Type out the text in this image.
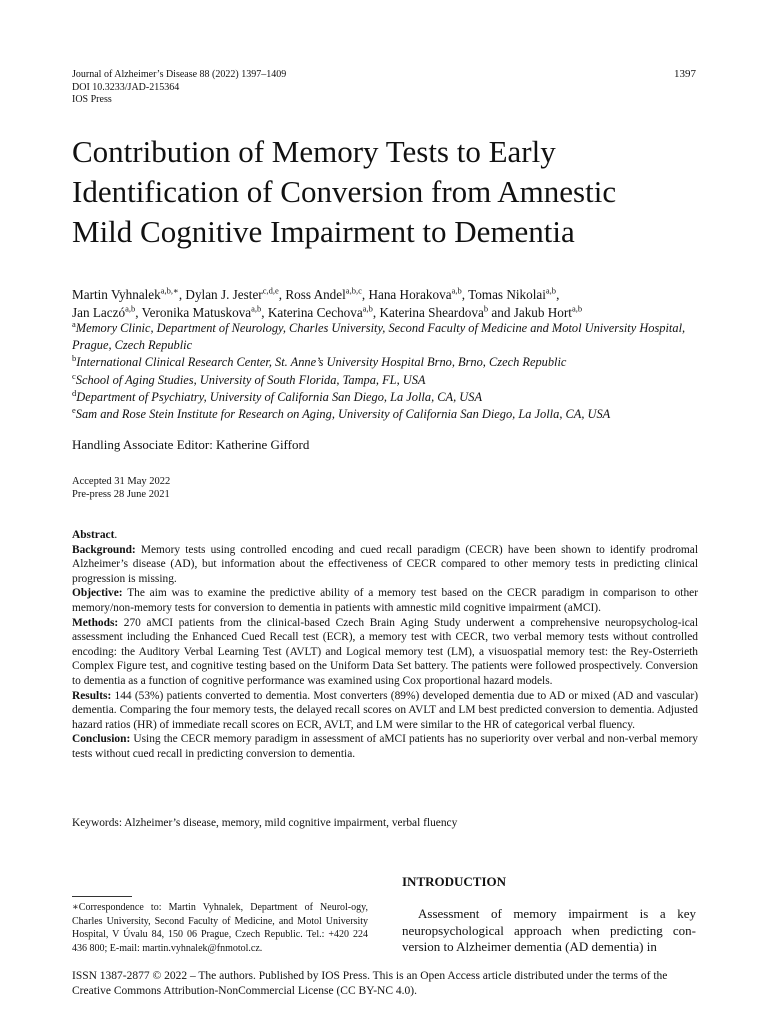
Journal of Alzheimer’s Disease 88 (2022) 1397–1409
DOI 10.3233/JAD-215364
IOS Press
1397
Contribution of Memory Tests to Early
Identification of Conversion from Amnestic
Mild Cognitive Impairment to Dementia
Martin Vyhnalek$^{a,b,∗}$, Dylan J. Jester$^{c,d,e}$, Ross Andel$^{a,b,c}$, Hana Horakova$^{a,b}$, Tomas Nikolai$^{a,b}$,
Jan Laczó$^{a,b}$, Veronika Matuskova$^{a,b}$, Katerina Cechova$^{a,b}$, Katerina Sheardova$^b$ and Jakub Hort$^{a,b}$
$^a$Memory Clinic, Department of Neurology, Charles University, Second Faculty of Medicine and Motol University Hospital, Prague, Czech Republic
$^b$International Clinical Research Center, St. Anne’s University Hospital Brno, Brno, Czech Republic
$^c$School of Aging Studies, University of South Florida, Tampa, FL, USA
$^d$Department of Psychiatry, University of California San Diego, La Jolla, CA, USA
$^e$Sam and Rose Stein Institute for Research on Aging, University of California San Diego, La Jolla, CA, USA
Handling Associate Editor: Katherine Gifford
Accepted 31 May 2022
Pre-press 28 June 2021

Abstract.

Background: Memory tests using controlled encoding and cued recall paradigm (CECR) have been shown to identify prodromal Alzheimer’s disease (AD), but information about the effectiveness of CECR compared to other memory tests in predicting clinical progression is missing.

Objective: The aim was to examine the predictive ability of a memory test based on the CECR paradigm in comparison to other memory/non-memory tests for conversion to dementia in patients with amnestic mild cognitive impairment (aMCI).

Methods: 270 aMCI patients from the clinical-based Czech Brain Aging Study underwent a comprehensive neuropsycholog-ical assessment including the Enhanced Cued Recall test (ECR), a memory test with CECR, two verbal memory tests without controlled encoding: the Auditory Verbal Learning Test (AVLT) and Logical memory test (LM), a visuospatial memory test: the Rey-Osterrieth Complex Figure test, and cognitive testing based on the Uniform Data Set battery. The patients were followed prospectively. Conversion to dementia as a function of cognitive performance was examined using Cox proportional hazard models.

Results: 144 (53%) patients converted to dementia. Most converters (89%) developed dementia due to AD or mixed (AD and vascular) dementia. Comparing the four memory tests, the delayed recall scores on AVLT and LM best predicted conversion to dementia. Adjusted hazard ratios (HR) of immediate recall scores on ECR, AVLT, and LM were similar to the HR of categorical verbal fluency.

Conclusion: Using the CECR memory paradigm in assessment of aMCI patients has no superiority over verbal and non-verbal memory tests without cued recall in predicting conversion to dementia.

Keywords: Alzheimer’s disease, memory, mild cognitive impairment, verbal fluency
∗Correspondence to: Martin Vyhnalek, Department of Neurol-ogy, Charles University, Second Faculty of Medicine, and Motol University Hospital, V Úvalu 84, 150 06 Prague, Czech Republic. Tel.: +420 224 436 800; E-mail: martin.vyhnalek@fnmotol.cz.
INTRODUCTION
Assessment of memory impairment is a key neuropsychological approach when predicting con-version to Alzheimer dementia (AD dementia) in
ISSN 1387-2877 © 2022 – The authors. Published by IOS Press. This is an Open Access article distributed under the terms of the Creative Commons Attribution-NonCommercial License (CC BY-NC 4.0).
